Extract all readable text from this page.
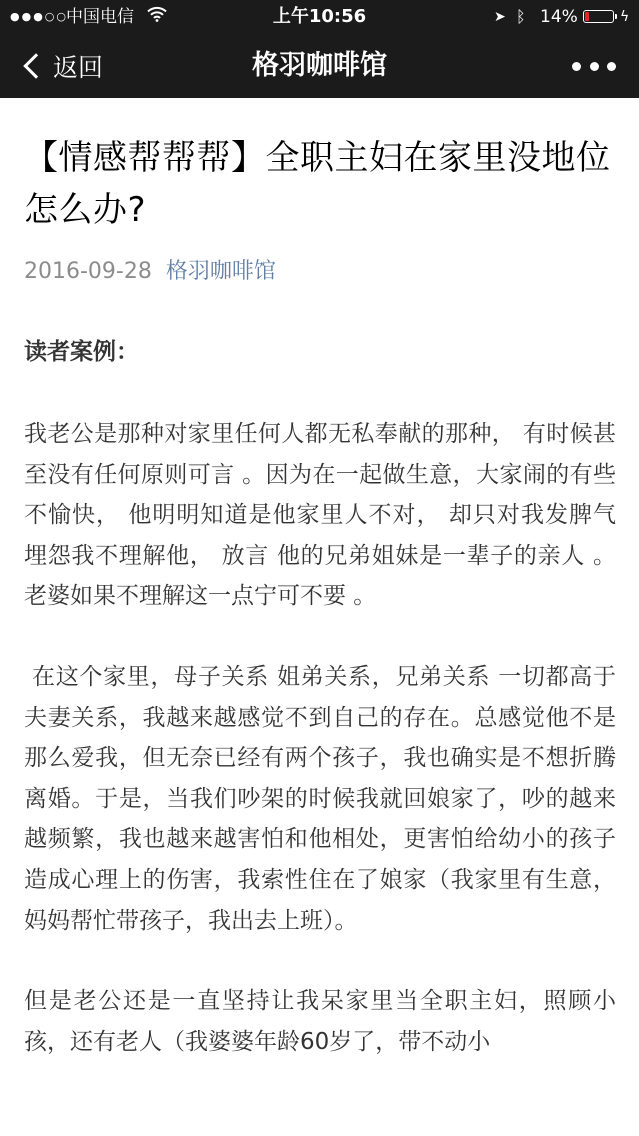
●●●○○
中国电信	上午10:56	➤ ᛒ 14%	ϟ
返回	格羽咖啡馆
【情感帮帮帮】全职主妇在家里没地位怎么办?
2016-09-28 格羽咖啡馆
读者案例：

我老公是那种对家里任何人都无私奉献的那种， 有时候甚至没有任何原则可言 。因为在一起做生意，大家闹的有些不愉快， 他明明知道是他家里人不对， 却只对我发脾气 埋怨我不理解他， 放言 他的兄弟姐妹是一辈子的亲人 。老婆如果不理解这一点宁可不要 。

在这个家里，母子关系 姐弟关系，兄弟关系 一切都高于夫妻关系，我越来越感觉不到自己的存在。总感觉他不是那么爱我，但无奈已经有两个孩子，我也确实是不想折腾离婚。于是，当我们吵架的时候我就回娘家了，吵的越来越频繁，我也越来越害怕和他相处，更害怕给幼小的孩子造成心理上的伤害，我索性住在了娘家（我家里有生意，妈妈帮忙带孩子，我出去上班）。

但是老公还是一直坚持让我呆家里当全职主妇，照顾小孩，还有老人（我婆婆年龄60岁了，带不动小
